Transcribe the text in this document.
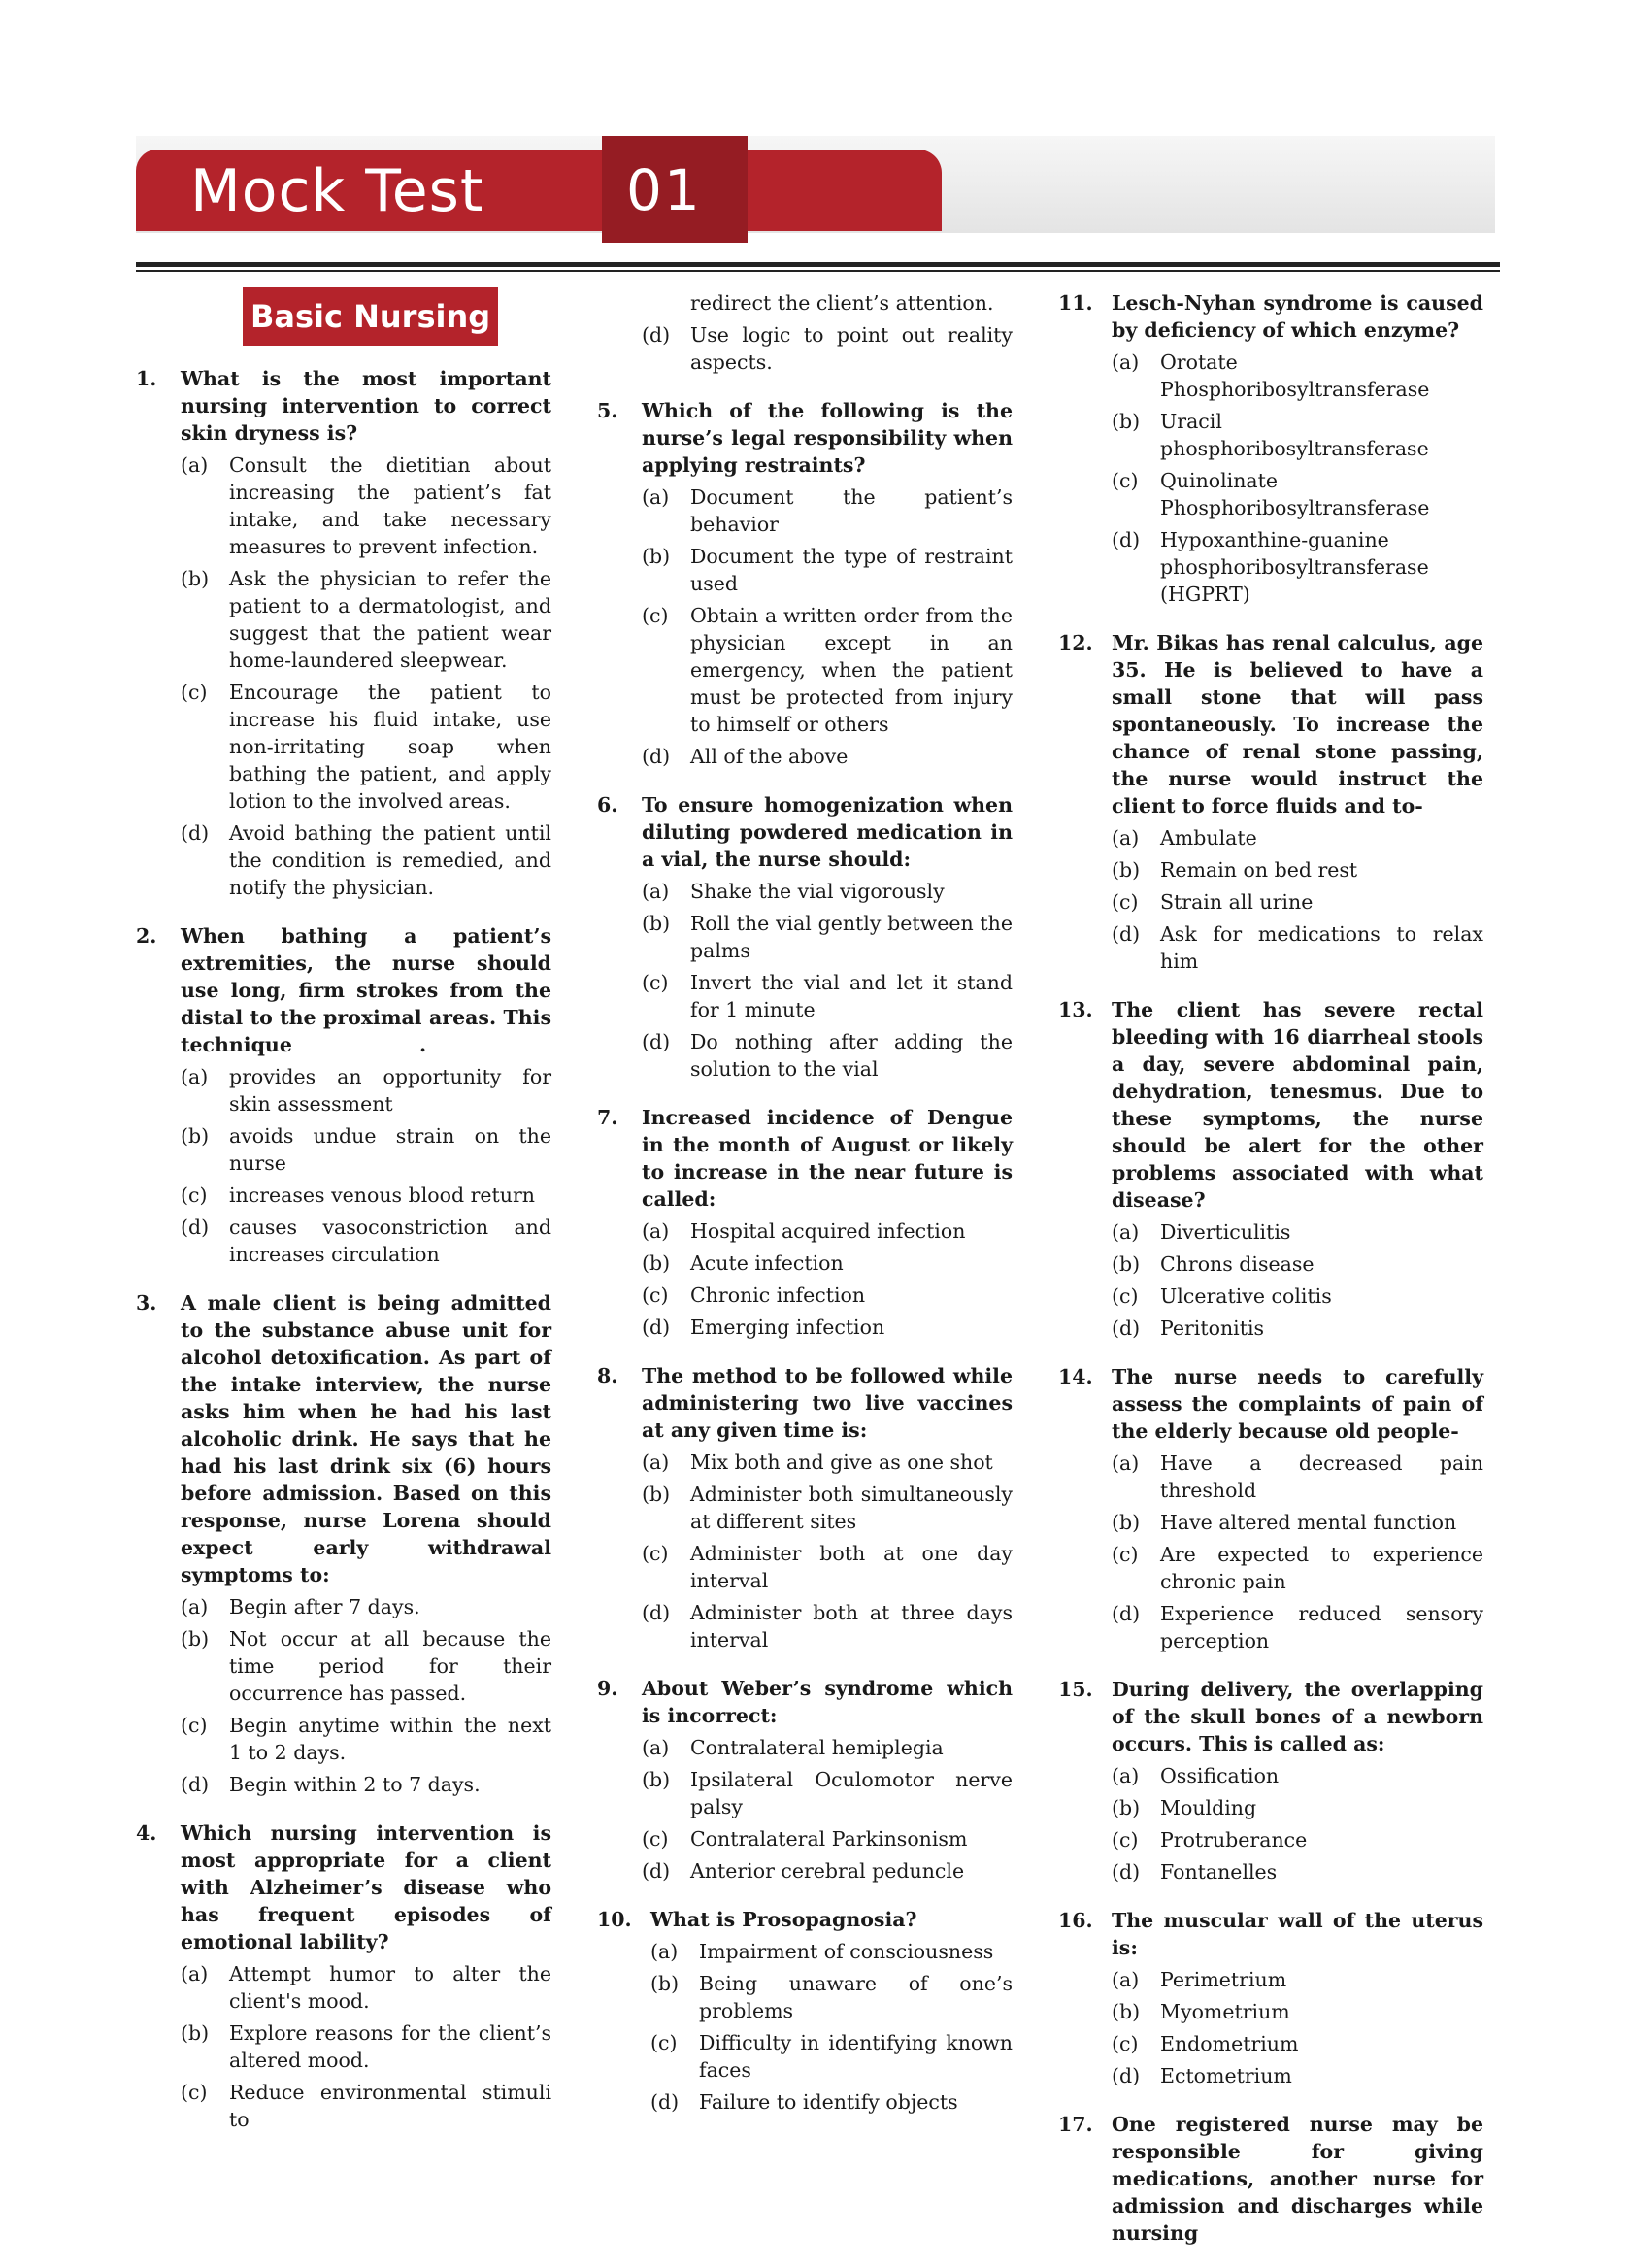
Mock Test	01
Basic Nursing
1.	What is the most important nursing intervention to correct skin dryness is?
(a)	Consult the dietitian about increasing the patient’s fat intake, and take necessary measures to prevent infection.
(b)	Ask the physician to refer the patient to a dermatologist, and suggest that the patient wear home-laundered sleepwear.
(c)	Encourage the patient to increase his fluid intake, use non-irritating soap when bathing the patient, and apply lotion to the involved areas.
(d)	Avoid bathing the patient until the condition is remedied, and notify the physician.
2.	When bathing a patient’s extremities, the nurse should use long, firm strokes from the distal to the proximal areas. This technique	.
(a)	provides an opportunity for skin assessment
(b)	avoids undue strain on the nurse
(c)	increases venous blood return
(d)	causes vasoconstriction and increases circulation
3.	A male client is being admitted to the substance abuse unit for alcohol detoxification. As part of the intake interview, the nurse asks him when he had his last alcoholic drink. He says that he had his last drink six (6) hours before admission. Based on this response, nurse Lorena should expect early withdrawal symptoms to:
(a)	Begin after 7 days.
(b)	Not occur at all because the time period for their occurrence has passed.
(c)	Begin anytime within the next 1 to 2 days.
(d)	Begin within 2 to 7 days.
4.	Which nursing intervention is most appropriate for a client with Alzheimer’s disease who has frequent episodes of emotional lability?
(a)	Attempt humor to alter the client's mood.
(b)	Explore reasons for the client’s altered mood.
(c)	Reduce environmental stimuli to
redirect the client’s attention.
(d)	Use logic to point out reality aspects.
5.	Which of the following is the nurse’s legal responsibility when applying restraints?
(a)	Document the patient’s behavior
(b)	Document the type of restraint used
(c)	Obtain a written order from the physician except in an emergency, when the patient must be protected from injury to himself or others
(d)	All of the above
6.	To ensure homogenization when diluting powdered medication in a vial, the nurse should:
(a)	Shake the vial vigorously
(b)	Roll the vial gently between the palms
(c)	Invert the vial and let it stand for 1 minute
(d)	Do nothing after adding the solution to the vial
7.	Increased incidence of Dengue in the month of August or likely to increase in the near future is called:
(a)	Hospital acquired infection
(b)	Acute infection
(c)	Chronic infection
(d)	Emerging infection
8.	The method to be followed while administering two live vaccines at any given time is:
(a)	Mix both and give as one shot
(b)	Administer both simultaneously at different sites
(c)	Administer both at one day interval
(d)	Administer both at three days interval
9.	About Weber’s syndrome which is incorrect:
(a)	Contralateral hemiplegia
(b)	Ipsilateral Oculomotor nerve palsy
(c)	Contralateral Parkinsonism
(d)	Anterior cerebral peduncle
10. What is Prosopagnosia?
(a)	Impairment of consciousness
(b)	Being unaware of one’s problems
(c)	Difficulty in identifying known faces
(d)	Failure to identify objects
11. Lesch-Nyhan syndrome is caused by deficiency of which enzyme?
(a)	Orotate Phosphoribosyltransferase
(b)	Uracil phosphoribosyltransferase
(c)	Quinolinate Phosphoribosyltransferase
(d)	Hypoxanthine-guanine phosphoribosyltransferase (HGPRT)
12. Mr. Bikas has renal calculus, age 35. He is believed to have a small stone that will pass spontaneously. To increase the chance of renal stone passing, the nurse would instruct the client to force fluids and to-
(a)	Ambulate
(b)	Remain on bed rest
(c)	Strain all urine
(d)	Ask for medications to relax him
13. The client has severe rectal bleeding with 16 diarrheal stools a day, severe abdominal pain, dehydration, tenesmus. Due to these symptoms, the nurse should be alert for the other problems associated with what disease?
(a)	Diverticulitis
(b)	Chrons disease
(c)	Ulcerative colitis
(d)	Peritonitis
14. The nurse needs to carefully assess the complaints of pain of the elderly because old people-
(a)	Have a decreased pain threshold
(b)	Have altered mental function
(c)	Are expected to experience chronic pain
(d)	Experience reduced sensory perception
15. During delivery, the overlapping of the skull bones of a newborn occurs. This is called as:
(a)	Ossification
(b)	Moulding
(c)	Protruberance
(d)	Fontanelles
16. The muscular wall of the uterus is:
(a)	Perimetrium
(b)	Myometrium
(c)	Endometrium
(d)	Ectometrium
17. One registered nurse may be responsible for giving medications, another nurse for admission and discharges while nursing
